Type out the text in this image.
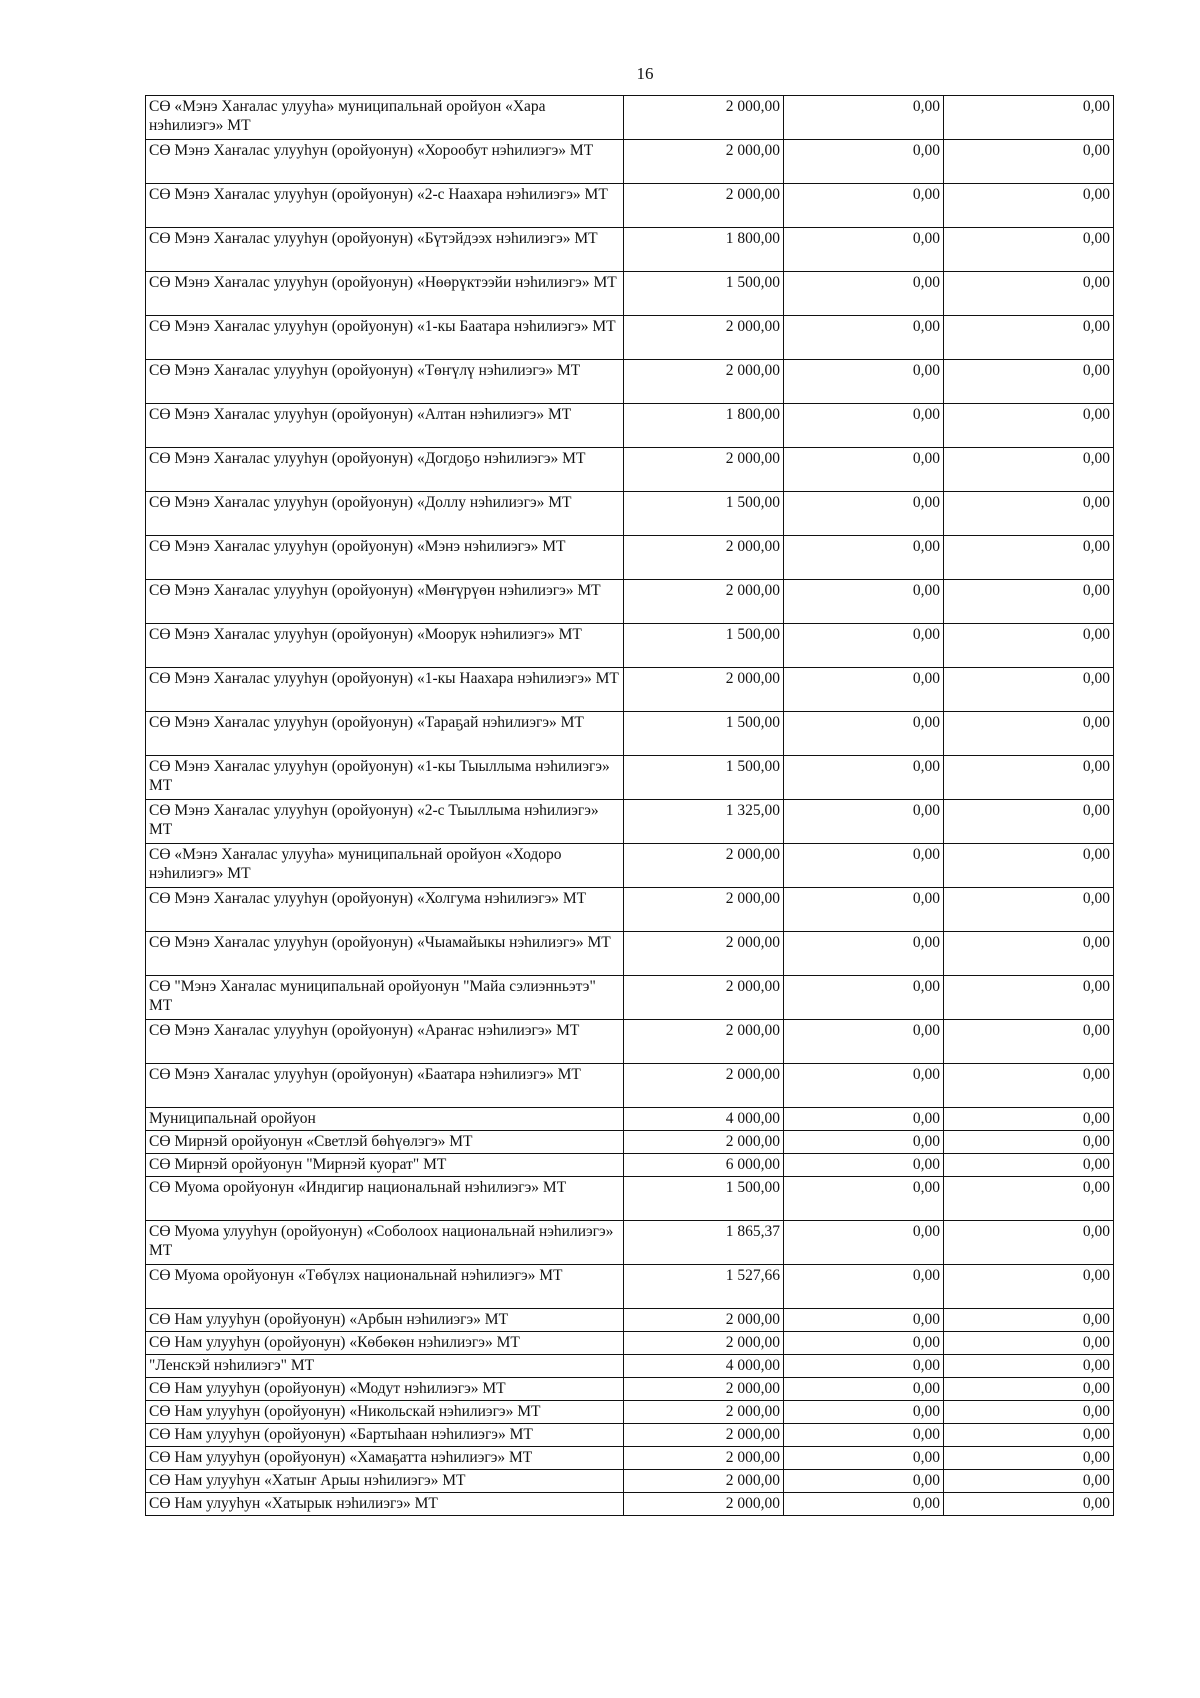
16
СӨ «Мэнэ Хаҥалас улууһа» муниципальнай оройуон «Хара нэһилиэгэ» МТ	2 000,00	0,00	0,00
СӨ Мэнэ Хаҥалас улууһун (оройуонун) «Хорообут нэһилиэгэ» МТ	2 000,00	0,00	0,00
СӨ Мэнэ Хаҥалас улууһун (оройуонун) «2-с Наахара нэһилиэгэ» МТ	2 000,00	0,00	0,00
СӨ Мэнэ Хаҥалас улууһун (оройуонун) «Бүтэйдээх нэһилиэгэ» МТ	1 800,00	0,00	0,00
СӨ Мэнэ Хаҥалас улууһун (оройуонун) «Нөөрүктээйи нэһилиэгэ» МТ	1 500,00	0,00	0,00
СӨ Мэнэ Хаҥалас улууһун (оройуонун) «1-кы Баатара нэһилиэгэ» МТ	2 000,00	0,00	0,00
СӨ Мэнэ Хаҥалас улууһун (оройуонун) «Төҥүлү нэһилиэгэ» МТ	2 000,00	0,00	0,00
СӨ Мэнэ Хаҥалас улууһун (оройуонун) «Алтан нэһилиэгэ» МТ	1 800,00	0,00	0,00
СӨ Мэнэ Хаҥалас улууһун (оройуонун) «Догдоҕо нэһилиэгэ» МТ	2 000,00	0,00	0,00
СӨ Мэнэ Хаҥалас улууһун (оройуонун) «Доллу нэһилиэгэ» МТ	1 500,00	0,00	0,00
СӨ Мэнэ Хаҥалас улууһун (оройуонун) «Мэнэ нэһилиэгэ» МТ	2 000,00	0,00	0,00
СӨ Мэнэ Хаҥалас улууһун (оройуонун) «Мөҥүрүөн нэһилиэгэ» МТ	2 000,00	0,00	0,00
СӨ Мэнэ Хаҥалас улууһун (оройуонун) «Моорук нэһилиэгэ» МТ	1 500,00	0,00	0,00
СӨ Мэнэ Хаҥалас улууһун (оройуонун) «1-кы Наахара нэһилиэгэ» МТ	2 000,00	0,00	0,00
СӨ Мэнэ Хаҥалас улууһун (оройуонун) «Тараҕай нэһилиэгэ» МТ	1 500,00	0,00	0,00
СӨ Мэнэ Хаҥалас улууһун (оройуонун) «1-кы Тыыллыма нэһилиэгэ» МТ	1 500,00	0,00	0,00
СӨ Мэнэ Хаҥалас улууһун (оройуонун) «2-с Тыыллыма нэһилиэгэ» МТ	1 325,00	0,00	0,00
СӨ «Мэнэ Хаҥалас улууһа» муниципальнай оройуон «Ходоро нэһилиэгэ» МТ	2 000,00	0,00	0,00
СӨ Мэнэ Хаҥалас улууһун (оройуонун) «Холгума нэһилиэгэ» МТ	2 000,00	0,00	0,00
СӨ Мэнэ Хаҥалас улууһун (оройуонун) «Чыамайыкы нэһилиэгэ» МТ	2 000,00	0,00	0,00
СӨ "Мэнэ Хаҥалас муниципальнай оройуонун "Майа сэлиэнньэтэ" МТ	2 000,00	0,00	0,00
СӨ Мэнэ Хаҥалас улууһун (оройуонун) «Араҥас нэһилиэгэ» МТ	2 000,00	0,00	0,00
СӨ Мэнэ Хаҥалас улууһун (оройуонун) «Баатара нэһилиэгэ» МТ	2 000,00	0,00	0,00
Муниципальнай оройуон	4 000,00	0,00	0,00
СӨ Мирнэй оройуонун «Светлэй бөһүөлэгэ» МТ	2 000,00	0,00	0,00
СӨ Мирнэй оройуонун "Мирнэй куорат" МТ	6 000,00	0,00	0,00
СӨ Муома оройуонун «Индигир национальнай нэһилиэгэ» МТ	1 500,00	0,00	0,00
СӨ Муома улууһун (оройуонун) «Соболоох национальнай нэһилиэгэ» МТ	1 865,37	0,00	0,00
СӨ Муома оройуонун «Төбүлэх национальнай нэһилиэгэ» МТ	1 527,66	0,00	0,00
СӨ Нам улууһун (оройуонун) «Арбын нэһилиэгэ» МТ	2 000,00	0,00	0,00
СӨ Нам улууһун (оройуонун) «Көбөкөн нэһилиэгэ» МТ	2 000,00	0,00	0,00
"Ленскэй нэһилиэгэ" МТ	4 000,00	0,00	0,00
СӨ Нам улууһун (оройуонун) «Модут нэһилиэгэ» МТ	2 000,00	0,00	0,00
СӨ Нам улууһун (оройуонун) «Никольскай нэһилиэгэ» МТ	2 000,00	0,00	0,00
СӨ Нам улууһун (оройуонун) «Бартыһаан нэһилиэгэ» МТ	2 000,00	0,00	0,00
СӨ Нам улууһун (оройуонун) «Хамаҕатта нэһилиэгэ» МТ	2 000,00	0,00	0,00
СӨ Нам улууһун «Хатыҥ Арыы нэһилиэгэ» МТ	2 000,00	0,00	0,00
СӨ Нам улууһун «Хатырык нэһилиэгэ» МТ	2 000,00	0,00	0,00
